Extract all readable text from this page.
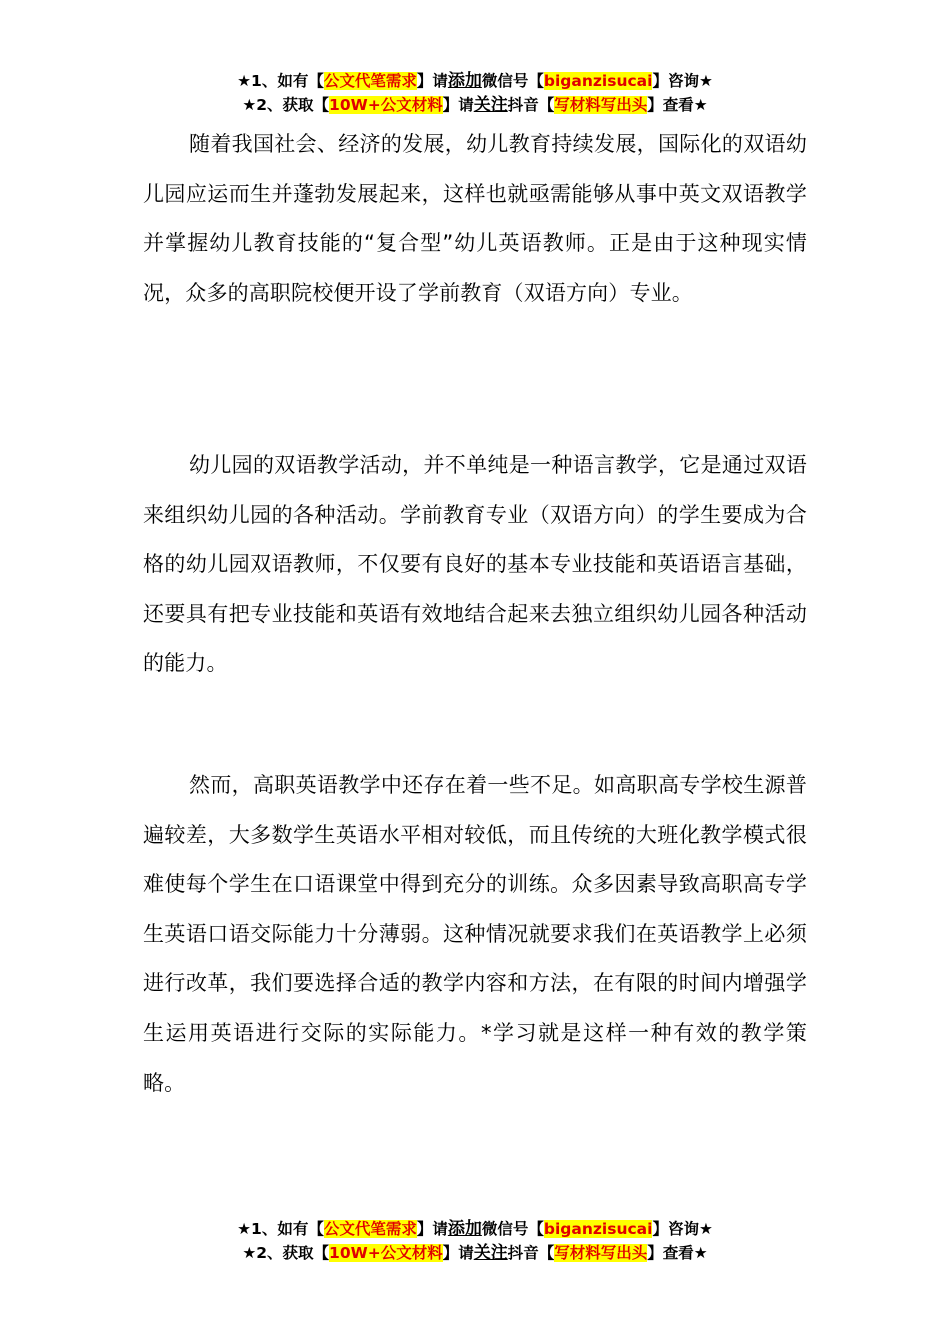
★1、如有【公文代笔需求】请添加微信号【biganzisucai】咨询★
★2、获取【10W+公文材料】请关注抖音【写材料写出头】查看★

随着我国社会、经济的发展，幼儿教育持续发展，国际化的双语幼儿园应运而生并蓬勃发展起来，这样也就亟需能够从事中英文双语教学并掌握幼儿教育技能的“复合型”幼儿英语教师。正是由于这种现实情况，众多的高职院校便开设了学前教育（双语方向）专业。

幼儿园的双语教学活动，并不单纯是一种语言教学，它是通过双语来组织幼儿园的各种活动。学前教育专业（双语方向）的学生要成为合格的幼儿园双语教师，不仅要有良好的基本专业技能和英语语言基础，还要具有把专业技能和英语有效地结合起来去独立组织幼儿园各种活动的能力。

然而，高职英语教学中还存在着一些不足。如高职高专学校生源普遍较差，大多数学生英语水平相对较低，而且传统的大班化教学模式很难使每个学生在口语课堂中得到充分的训练。众多因素导致高职高专学生英语口语交际能力十分薄弱。这种情况就要求我们在英语教学上必须进行改革，我们要选择合适的教学内容和方法，在有限的时间内增强学生运用英语进行交际的实际能力。*学习就是这样一种有效的教学策略。

★1、如有【公文代笔需求】请添加微信号【biganzisucai】咨询★
★2、获取【10W+公文材料】请关注抖音【写材料写出头】查看★
